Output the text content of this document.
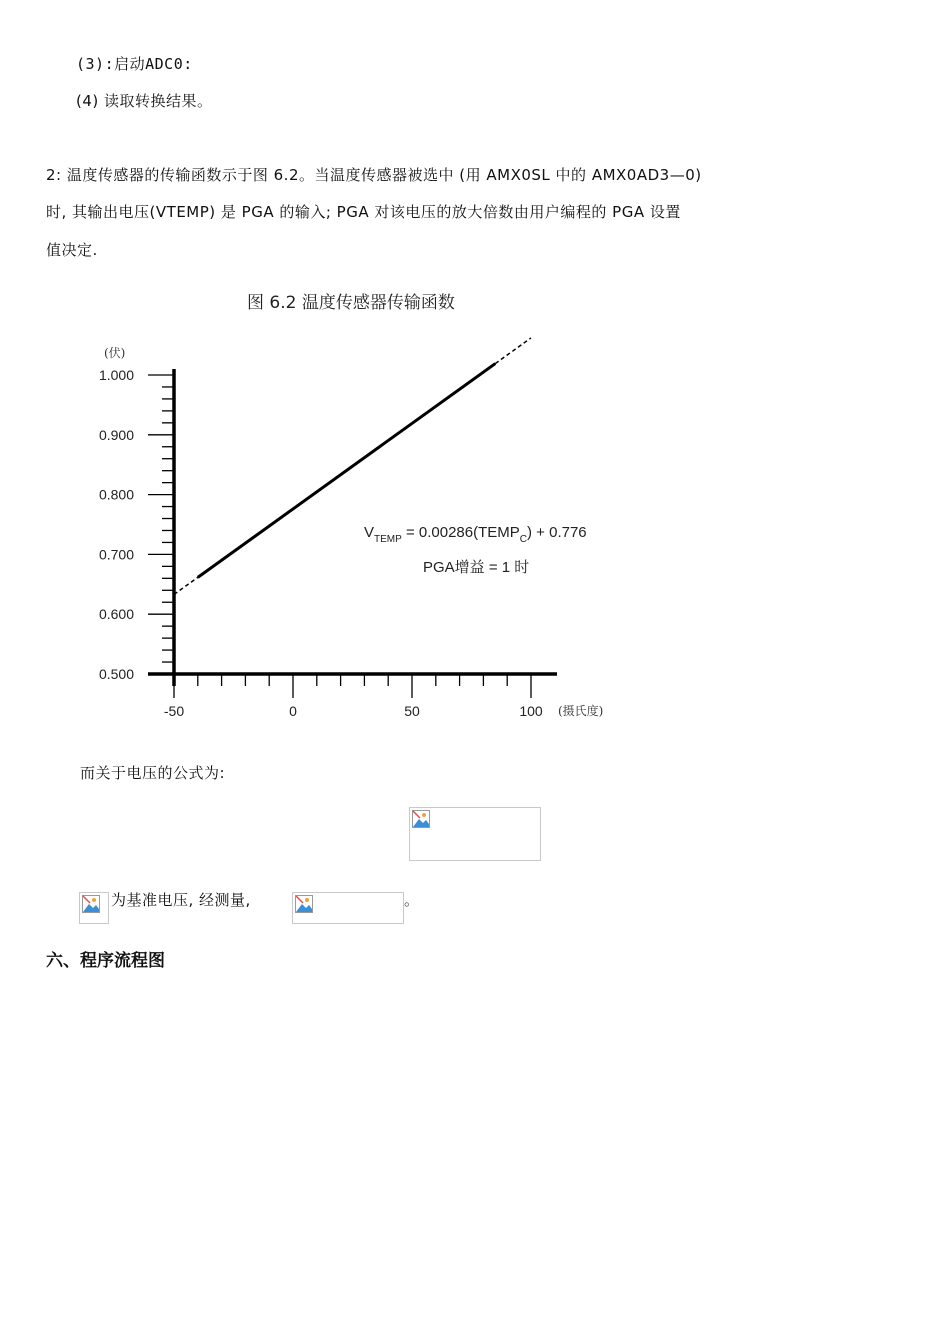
(3):启动ADC0:
(4) 读取转换结果。
2: 温度传感器的传输函数示于图 6.2。当温度传感器被选中 (用 AMX0SL 中的 AMX0AD3—0)
时, 其输出电压(VTEMP) 是 PGA 的输入; PGA 对该电压的放大倍数由用户编程的 PGA 设置
值决定.
图 6.2 温度传感器传输函数
(伏)
1.000
0.900
0.800
0.700
0.600
0.500
-50	0	50	100 (摄氏度)
$V_{TEMP}$ = $0.00286(TEMP_C) + 0.776$
PGA增益 = 1 时
而关于电压的公式为:
为基准电压, 经测量,	。
六、程序流程图
